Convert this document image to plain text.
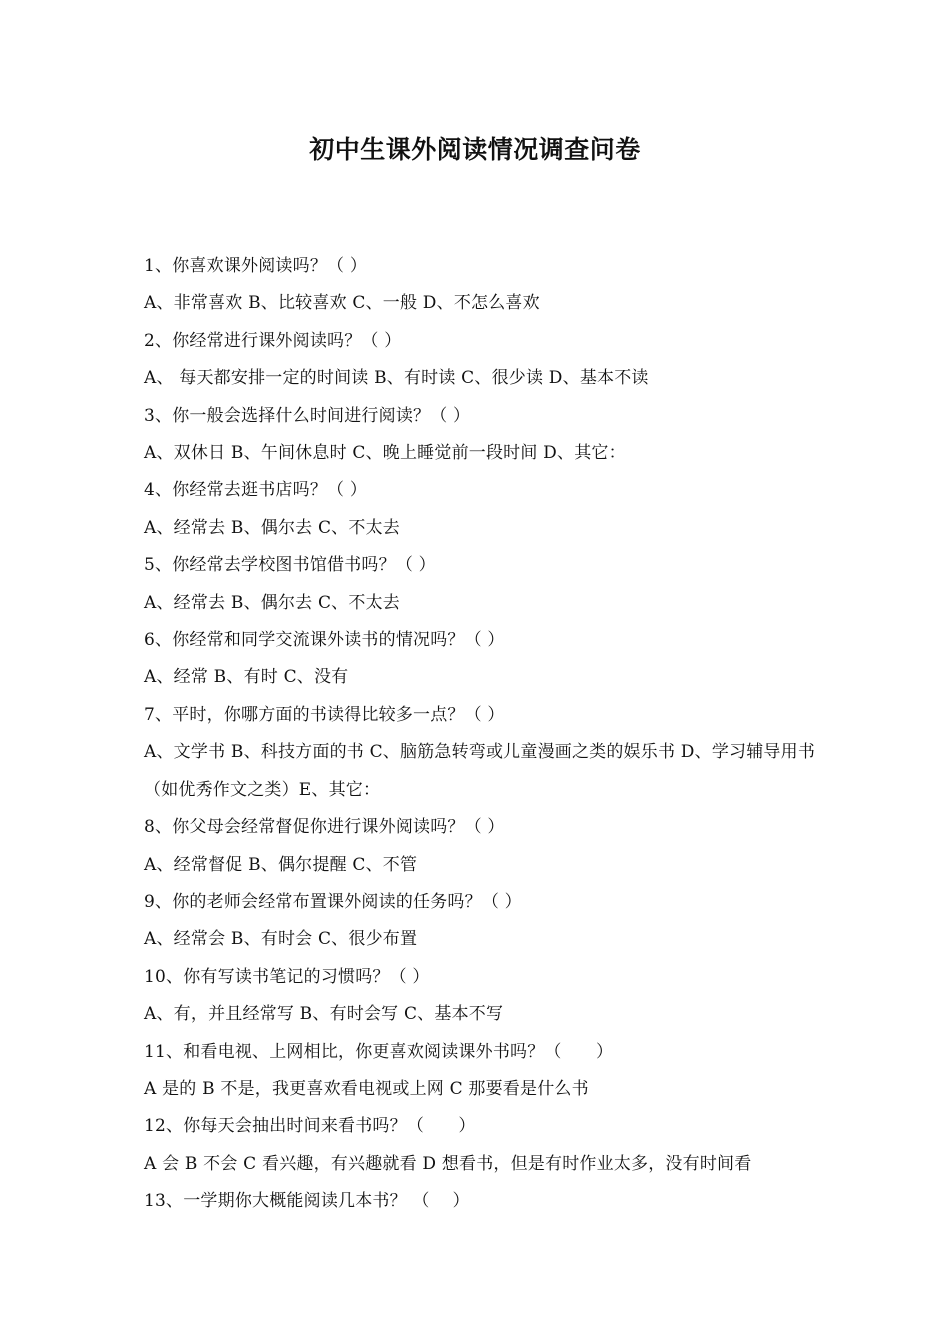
初中生课外阅读情况调查问卷
1、你喜欢课外阅读吗？（ ）
A、非常喜欢 B、比较喜欢 C、一般 D、不怎么喜欢
2、你经常进行课外阅读吗？（ ）
A、 每天都安排一定的时间读 B、有时读 C、很少读 D、基本不读
3、你一般会选择什么时间进行阅读？（ ）
A、双休日 B、午间休息时 C、晚上睡觉前一段时间 D、其它：
4、你经常去逛书店吗？（ ）
A、经常去 B、偶尔去 C、不太去
5、你经常去学校图书馆借书吗？（ ）
A、经常去 B、偶尔去 C、不太去
6、你经常和同学交流课外读书的情况吗？（ ）
A、经常 B、有时 C、没有
7、平时，你哪方面的书读得比较多一点？（ ）
A、文学书 B、科技方面的书 C、脑筋急转弯或儿童漫画之类的娱乐书 D、学习辅导用书（如优秀作文之类）E、其它：
8、你父母会经常督促你进行课外阅读吗？（ ）
A、经常督促 B、偶尔提醒 C、不管
9、你的老师会经常布置课外阅读的任务吗？（ ）
A、经常会 B、有时会 C、很少布置
10、你有写读书笔记的习惯吗？（ ）
A、有，并且经常写 B、有时会写 C、基本不写
11、和看电视、上网相比，你更喜欢阅读课外书吗？（　　）
A 是的 B 不是，我更喜欢看电视或上网 C 那要看是什么书
12、你每天会抽出时间来看书吗？（　　）
A 会 B 不会 C 看兴趣，有兴趣就看 D 想看书，但是有时作业太多，没有时间看
13、一学期你大概能阅读几本书？ （　 ）
